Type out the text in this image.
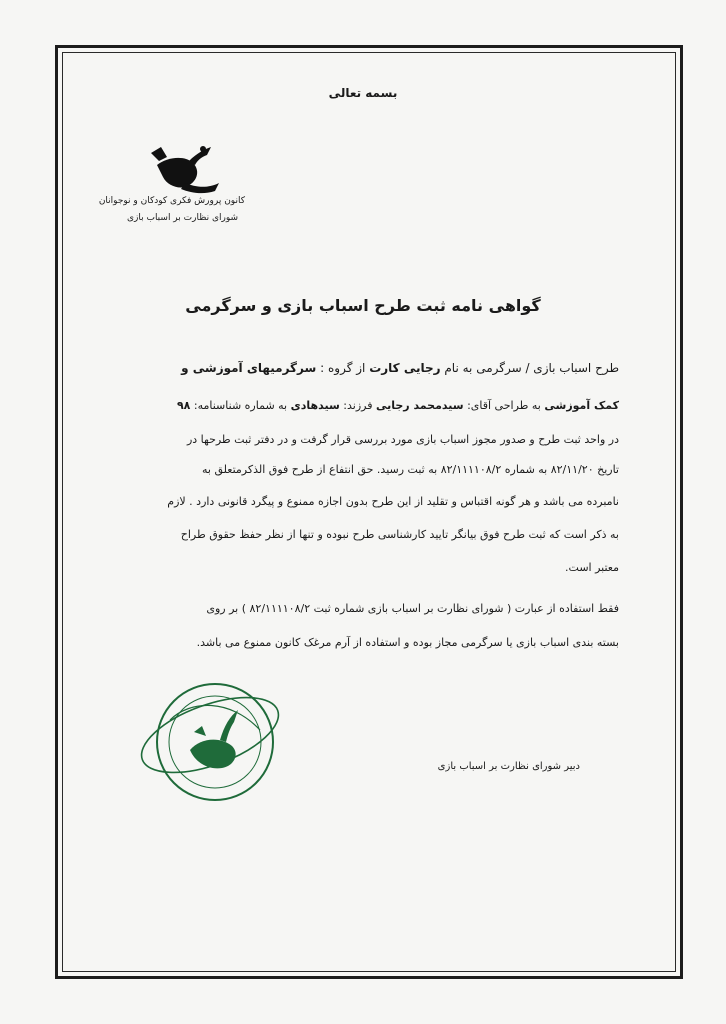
بسمه تعالی
کانون پرورش فکری کودکان و نوجوانان
شورای نظارت بر اسباب بازی
گواهی نامه ثبت طرح اسباب بازی و سرگرمی
طرح اسباب بازی / سرگرمی به نام رجایی کارت از گروه : سرگرمیهای آموزشی و
کمک آموزشی به طراحی آقای: سیدمحمد رجایی فرزند: سیدهادی به شماره شناسنامه: ۹۸
در واحد ثبت طرح و صدور مجوز اسباب بازی مورد بررسی قرار گرفت و در دفتر ثبت طرحها در
تاریخ ۸۲/۱۱/۲۰ به شماره ۸۲/۱۱۱۱۰۸/۲ به ثبت رسید. حق انتفاع از طرح فوق الذکرمتعلق به
نامبرده می باشد و هر گونه اقتباس و تقلید از این طرح بدون اجازه ممنوع و پیگرد قانونی دارد . لازم
به ذکر است که ثبت طرح فوق بیانگر تایید کارشناسی طرح نبوده و تنها از نظر حفظ حقوق طراح
معتبر است.
فقط استفاده از عبارت ( شورای نظارت بر اسباب بازی شماره ثبت ۸۲/۱۱۱۱۰۸/۲ ) بر روی
بسته بندی اسباب بازی یا سرگرمی مجاز بوده و استفاده از آرم مرغک کانون ممنوع می باشد.
دبیر شورای نظارت بر اسباب بازی
